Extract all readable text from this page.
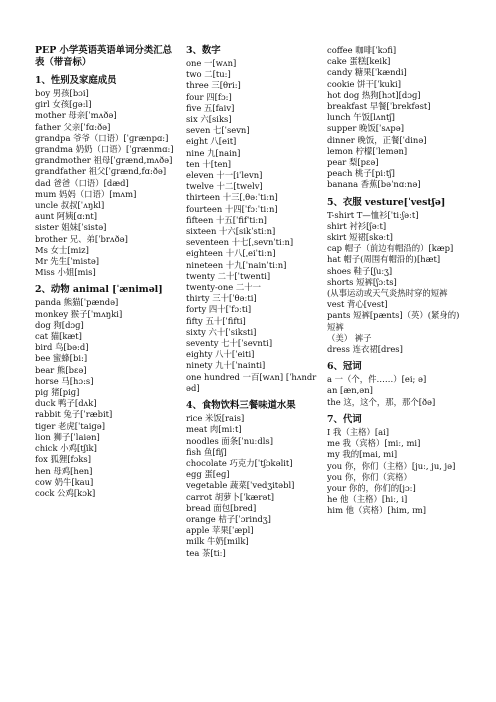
PEP 小学英语英语单词分类汇总表（带音标）
1、性别及家庭成员
boy 男孩[bɔi]
girl 女孩[ɡə:l]
mother 母亲[ˈmʌðə]
father 父亲[ˈfɑ:ðə]
grandpa 爷爷（口语）[ˈɡrænpɑ:]
grandma 奶奶（口语）[ˈɡrænmɑ:]
grandmother 祖母[ˈɡrænd,mʌðə]
grandfather 祖父[ˈɡrænd,fɑ:ðə]
dad 爸爸（口语）[dæd]
mum 妈妈（口语）[mʌm]
uncle 叔叔[ˈʌŋkl]
aunt 阿姨[ɑ:nt]
sister 姐妹[ˈsistə]
brother 兄、弟[ˈbrʌðə]
Ms 女士[miz]
Mr 先生[ˈmistə]
Miss 小姐[mis]
2、动物 animal [ˈæniməl]
panda 熊猫[ˈpændə]
monkey 猴子[ˈmʌŋki]
dog 狗[dɔɡ]
cat 猫[kæt]
bird 鸟[bə:d]
bee 蜜蜂[bi:]
bear 熊[bɛə]
horse 马[hɔ:s]
pig 猪[piɡ]
duck 鸭子[dʌk]
rabbit 兔子[ˈræbit]
tiger 老虎[ˈtaiɡə]
lion 狮子[ˈlaiən]
chick 小鸡[tʃik]
fox 狐狸[fɔks]
hen 母鸡[hen]
cow 奶牛[kau]
cock 公鸡[kɔk]
3、数字
one 一[wʌn]
two 二[tu:]
three 三[θri:]
four 四[fɔ:]
five 五[faiv]
six 六[siks]
seven 七[ˈsevn]
eight 八[eit]
nine 九[nain]
ten 十[ten]
eleven 十一[iˈlevn]
twelve 十二[twelv]
thirteen 十三[ˌθəːˈtiːn]
fourteen 十四[ˈfɔːˈtiːn]
fifteen 十五[ˈfifˈtiːn]
sixteen 十六[sikˈstiːn]
seventeen 十七[ˌsevnˈtiːn]
eighteen 十八[ˌeiˈtiːn]
nineteen 十九[ˈnainˈtiːn]
twenty 二十[ˈtwenti]
twenty-one 二十一
thirty 三十[ˈθəːti]
forty 四十[ˈfɔːti]
fifty 五十[ˈfifti]
sixty 六十[ˈsiksti]
seventy 七十[ˈsevnti]
eighty 八十[ˈeiti]
ninety 九十[ˈnainti]
one hundred 一百[wʌn] [ˈhʌndrəd]
4、食物饮料三餐味道水果
rice 米饭[rais]
meat 肉[miːt]
noodles 面条[ˈnuːdls]
fish 鱼[fiʃ]
chocolate 巧克力[ˈtʃɔkəlit]
egg 蛋[eɡ]
vegetable 蔬菜[ˈvedʒitəbl]
carrot 胡萝卜[ˈkærət]
bread 面包[bred]
orange 桔子[ˈɔrindʒ]
apple 苹果[ˈæpl]
milk 牛奶[milk]
tea 茶[tiː]
coffee 咖啡[ˈkɔfi]
cake 蛋糕[keik]
candy 糖果[ˈkændi]
cookie 饼干[ˈkuki]
hot dog 热狗[hɔt][dɔɡ]
breakfast 早餐[ˈbrekfəst]
lunch 午饭[lʌntʃ]
supper 晚饭[ˈsʌpə]
dinner 晚饭，正餐[ˈdinə]
lemon 柠檬[ˈlemən]
pear 梨[pɛə]
peach 桃子[piːtʃ]
banana 香蕉[bəˈnɑːnə]
5、衣服 vesture[ˈvestʃə]
T-shirt T—恤衫[ˈtiːʃəːt]
shirt 衬衫[ʃəːt]
skirt 短裙[skəːt]
cap 帽子（前边有帽沿的）[kæp]
hat 帽子(周围有帽沿的)[hæt]
shoes 鞋子[ʃuːʒ]
shorts 短裤[ʃɔːts]
(从事运动或天气炎热时穿的短裤
vest 背心[vest]
pants 短裤[pænts]（英）(紧身的)短裤
（美） 裤子
dress 连衣裙[dres]
6、冠词
a 一（个，件……）[ei; ə]
an [æn,ən]
the 这，这个，那，那个[ðə]
7、代词
I 我（主格）[ai]
me 我（宾格）[miː, mi]
my 我的[mai, mi]
you 你，你们（主格）[juː, ju, jə]
you 你，你们（宾格）
your 你的，你们的[jɔː]
he 他（主格）[hiː, i]
him 他（宾格）[him, ɪm]
